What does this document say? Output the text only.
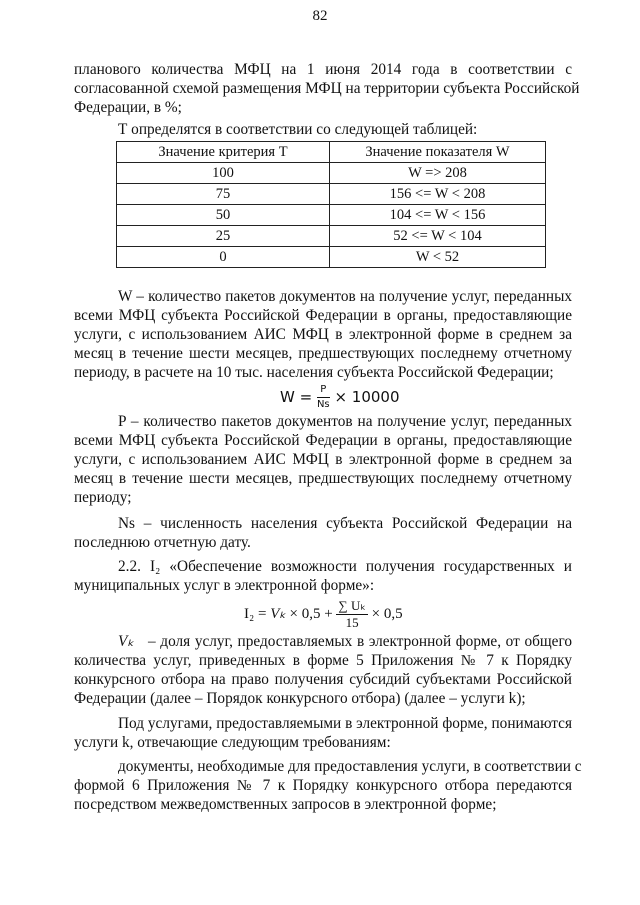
82
планового количества МФЦ на 1 июня 2014 года в соответствии с
согласованной схемой размещения МФЦ на территории субъекта Российской
Федерации, в %;
Т определятся в соответствии со следующей таблицей:
Значение критерия Т	Значение показателя W
100	W => 208
75	156 <= W < 208
50	104 <= W < 156
25	52 <= W < 104
0	W < 52
W – количество пакетов документов на получение услуг, переданных
всеми МФЦ субъекта Российской Федерации в органы, предоставляющие
услуги, с использованием АИС МФЦ в электронной форме в среднем за
месяц в течение шести месяцев, предшествующих последнему отчетному
периоду, в расчете на 10 тыс. населения субъекта Российской Федерации;
$W = \frac{P}{Ns} \times 10000$
P – количество пакетов документов на получение услуг, переданных
всеми МФЦ субъекта Российской Федерации в органы, предоставляющие
услуги, с использованием АИС МФЦ в электронной форме в среднем за
месяц в течение шести месяцев, предшествующих последнему отчетному
периоду;
Ns – численность населения субъекта Российской Федерации на
последнюю отчетную дату.
2.2. I₂ «Обеспечение возможности получения государственных и
муниципальных услуг в электронной форме»:
$I_2 = V_k \times 0,5 + \frac{\text{∑ Uₖ}}{15} \times 0,5$
Vₖ – доля услуг, предоставляемых в электронной форме, от общего
количества услуг, приведенных в форме 5 Приложения № 7 к Порядку
конкурсного отбора на право получения субсидий субъектами Российской
Федерации (далее – Порядок конкурсного отбора) (далее – услуги k);
Под услугами, предоставляемыми в электронной форме, понимаются
услуги k, отвечающие следующим требованиям:
документы, необходимые для предоставления услуги, в соответствии с
формой 6 Приложения № 7 к Порядку конкурсного отбора передаются
посредством межведомственных запросов в электронной форме;
